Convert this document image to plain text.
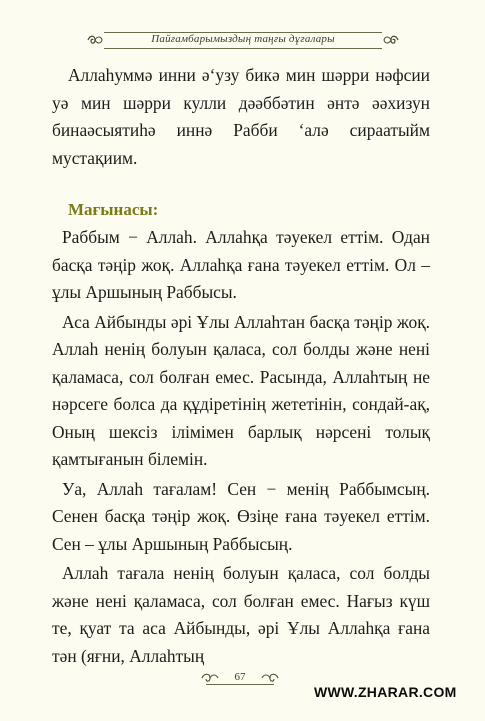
Пайғамбарымыздың таңғы дұғалары

Аллаһуммә инни ә‘узу бикә мин шәрри нәфсии уә мин шәрри кулли дәәббәтин әнтә әәхизун бинаәсыятиһә иннә Рабби ‘алә сираатыйм мустақиим.

Мағынасы:

Раббым − Аллаһ. Аллаһқа тәуекел еттім. Одан басқа тәңір жоқ. Аллаһқа ғана тәуекел еттім. Ол – ұлы Аршының Раббысы.

Аса Айбынды әрі Ұлы Аллаһтан басқа тәңір жоқ. Аллаһ ненің болуын қаласа, сол болды және нені қаламаса, сол болған емес. Расында, Аллаһтың не нәрсеге болса да құдіретінің жететінін, сондай-ақ, Оның шексіз ілімімен барлық нәрсені толық қамтығанын білемін.

Уа, Аллаһ тағалам! Сен − менің Раббымсың. Сенен басқа тәңір жоқ. Өзіңе ғана тәуекел еттім. Сен – ұлы Аршының Раббысың.

Аллаһ тағала ненің болуын қаласа, сол болды және нені қаламаса, сол болған емес. Нағыз күш те, қуат та аса Айбынды, әрі Ұлы Аллаһқа ғана тән (яғни, Аллаһтың

67
WWW.ZHARAR.COM
